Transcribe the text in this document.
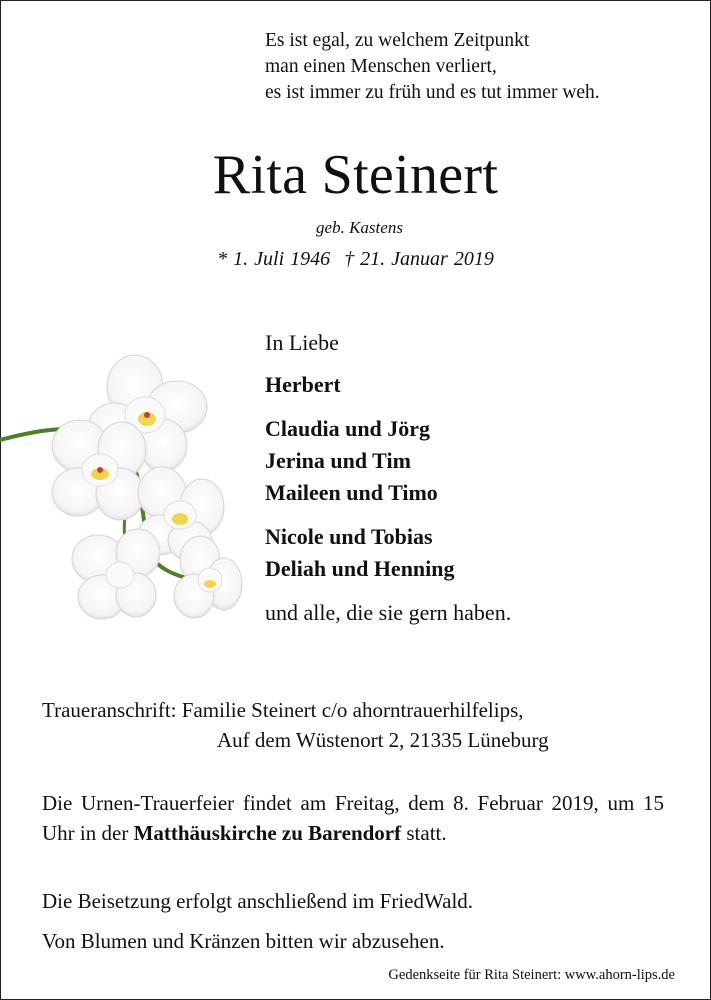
Es ist egal, zu welchem Zeitpunkt
man einen Menschen verliert,
es ist immer zu früh und es tut immer weh.
Rita Steinert
geb. Kastens
* 1. Juli 1946 † 21. Januar 2019
In Liebe
Herbert
Claudia und Jörg
Jerina und Tim
Maileen und Timo
Nicole und Tobias
Deliah und Henning
und alle, die sie gern haben.
Traueranschrift: Familie Steinert c/o ahorntrauerhilfelips,
Auf dem Wüstenort 2, 21335 Lüneburg
Die Urnen-Trauerfeier findet am Freitag, dem 8. Februar 2019, um 15 Uhr in der Matthäuskirche zu Barendorf statt.
Die Beisetzung erfolgt anschließend im FriedWald.
Von Blumen und Kränzen bitten wir abzusehen.
Gedenkseite für Rita Steinert: www.ahorn-lips.de
